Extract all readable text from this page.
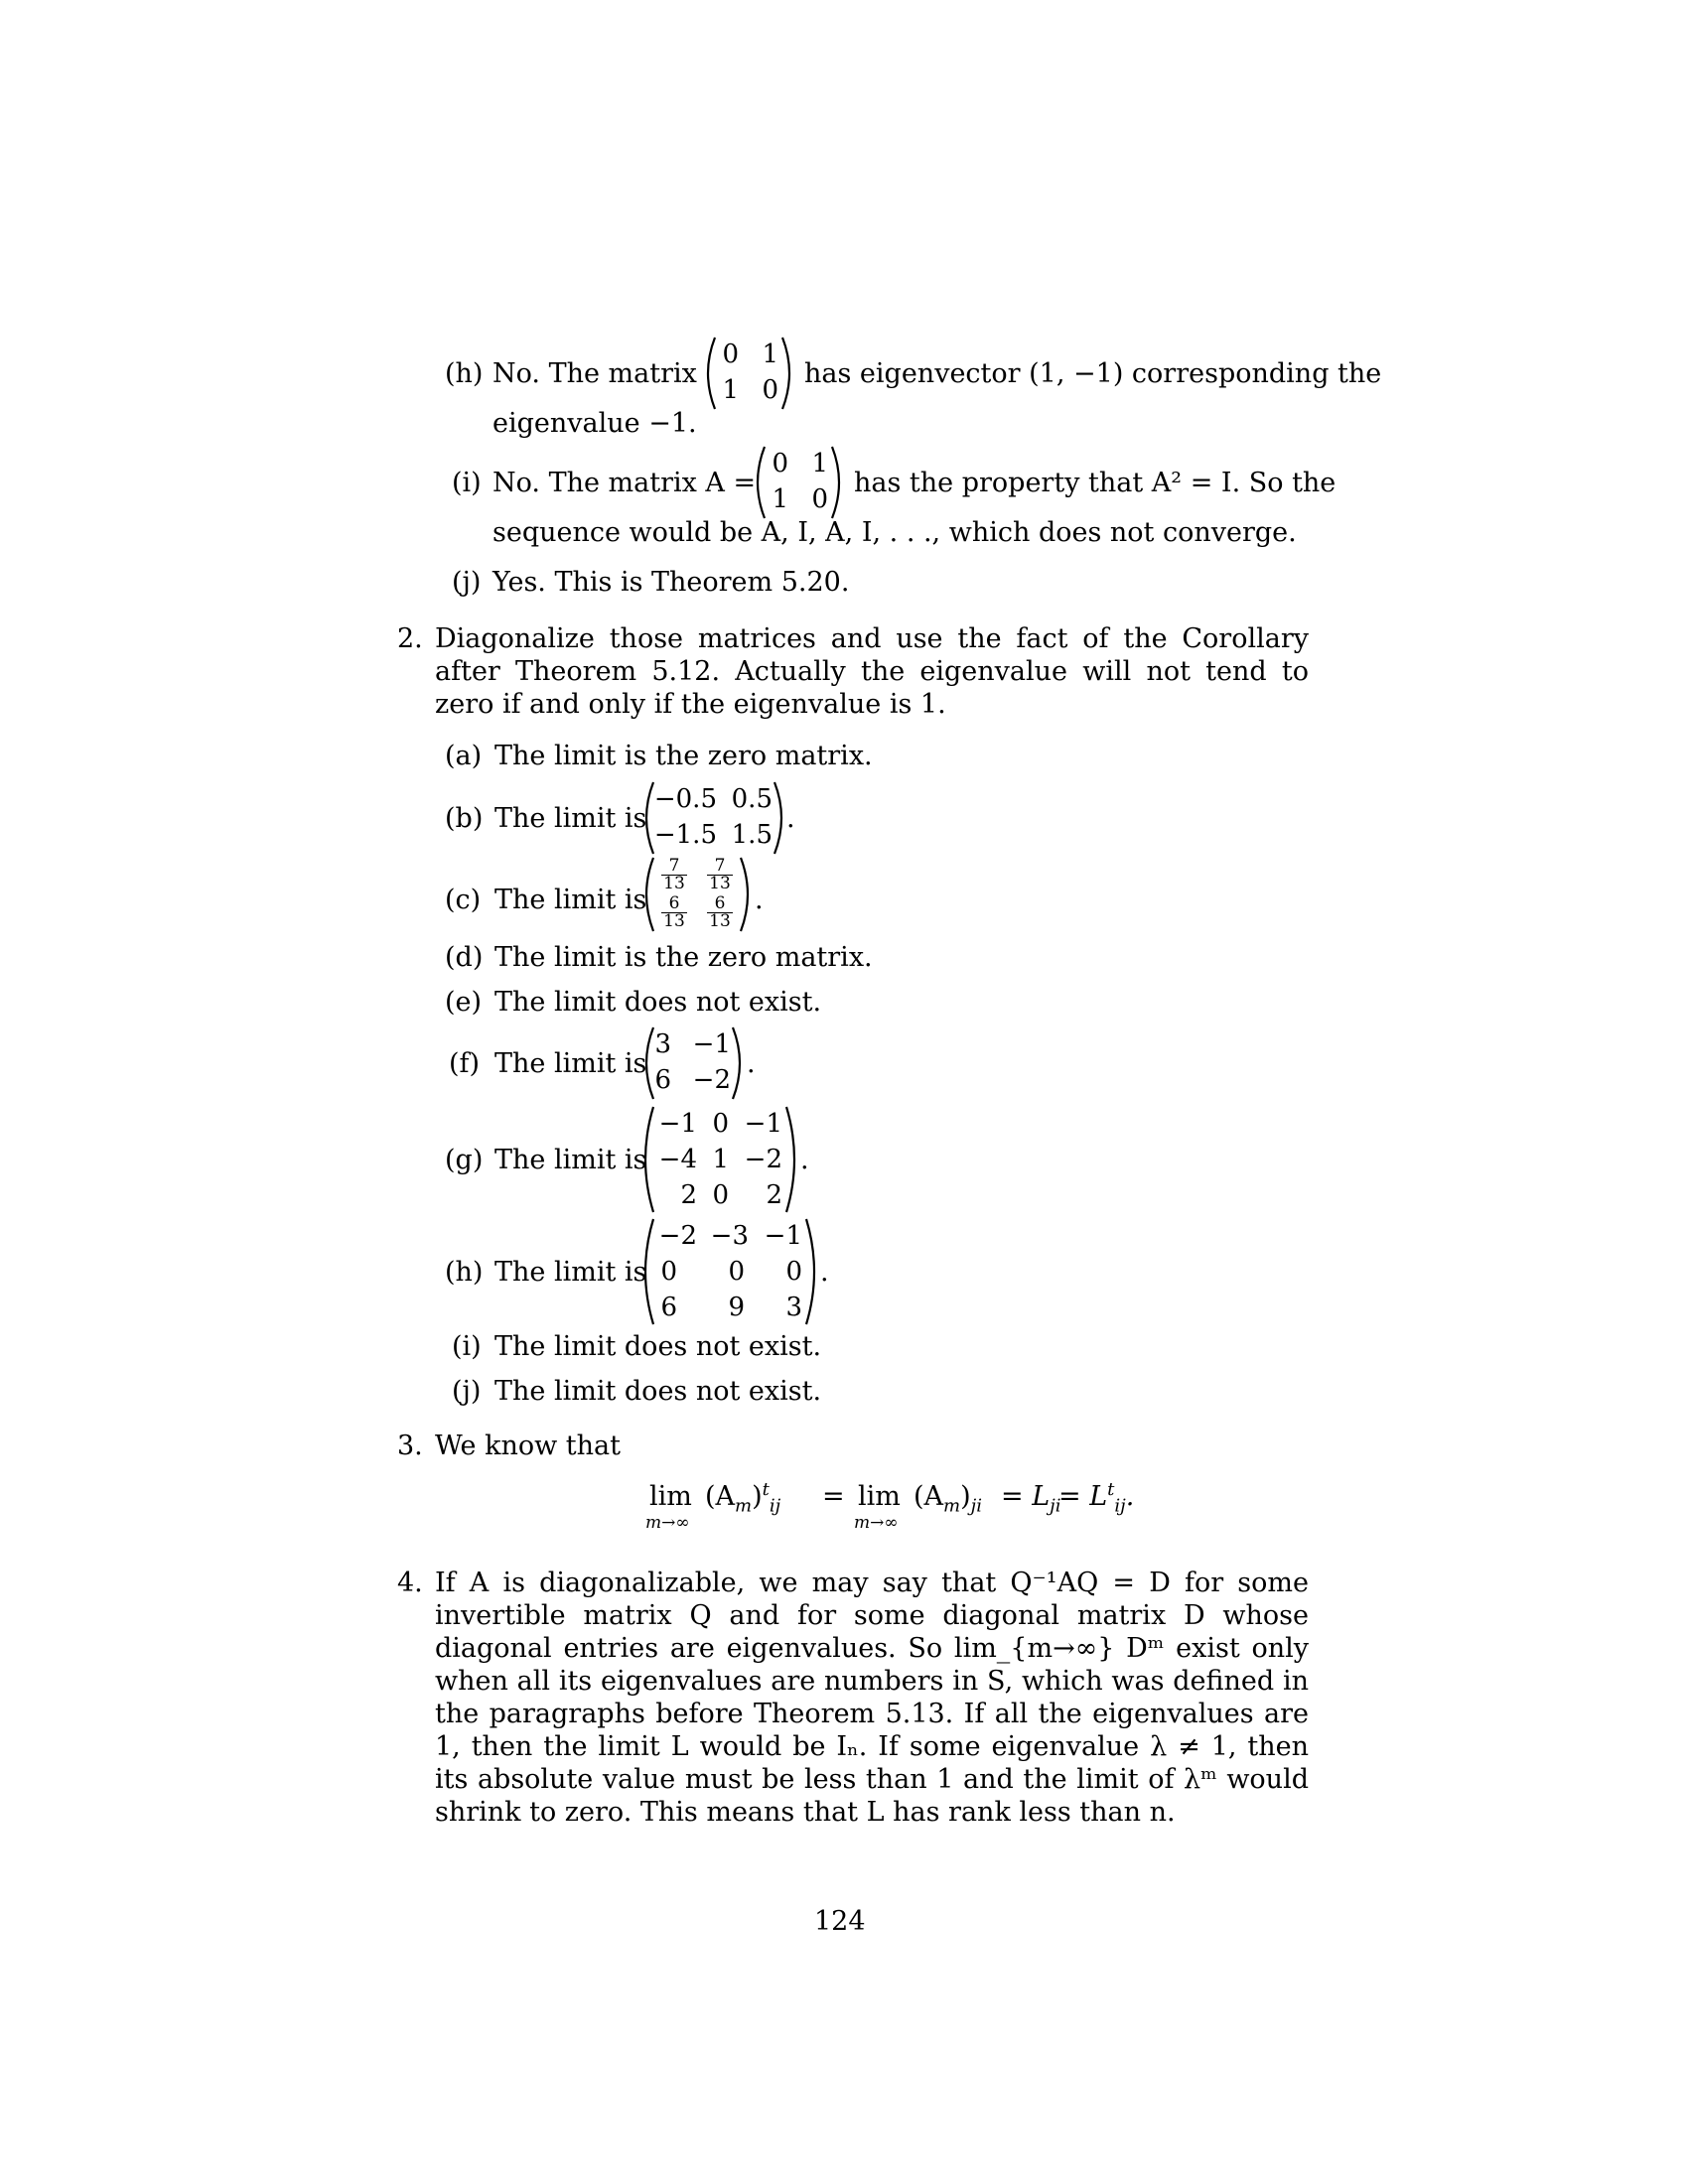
(h) No. The matrix
0 1
1 0
has eigenvector (1, −1) corresponding the
eigenvalue −1.
(i) No. The matrix A =
0 1
1 0
has the property that A² = I. So the
sequence would be A, I, A, I, . . ., which does not converge.
(j) Yes. This is Theorem 5.20.
2. Diagonalize those matrices and use the fact of the Corollary after Theorem 5.12. Actually the eigenvalue will not tend to zero if and only if the eigenvalue is 1.
(a) The limit is the zero matrix.
(b) The limit is
−0.5 0.5
−1.5 1.5
.
(c) The limit is
$\frac{7}{13} \frac{7}{13}$
$\frac{6}{13} \frac{6}{13}$ .
(d) The limit is the zero matrix.
(e) The limit does not exist.
(f) The limit is
3 −1
6 −2
.
(g) The limit is
−1 0 −1
−4 1 −2
2 0	2
.
(h) The limit is
−2 −3 −1
0	0	0
6	9	3
.
(i) The limit does not exist.
(j) The limit does not exist.
3. We know that
lim
m→∞
$(A_m)^t_{ij} = \lim$
m→∞
$(A_m)_{ji} = L_{ji}$
= $L^t_{ij}$.
4. If A is diagonalizable, we may say that Q⁻¹AQ = D for some invertible matrix Q and for some diagonal matrix D whose diagonal entries are eigenvalues. So lim_{m→∞} Dᵐ exist only when all its eigenvalues are numbers in S, which was defined in the paragraphs before Theorem 5.13. If all the eigenvalues are 1, then the limit L would be Iₙ. If some eigenvalue λ ≠ 1, then its absolute value must be less than 1 and the limit of λᵐ would shrink to zero. This means that L has rank less than n.
124
